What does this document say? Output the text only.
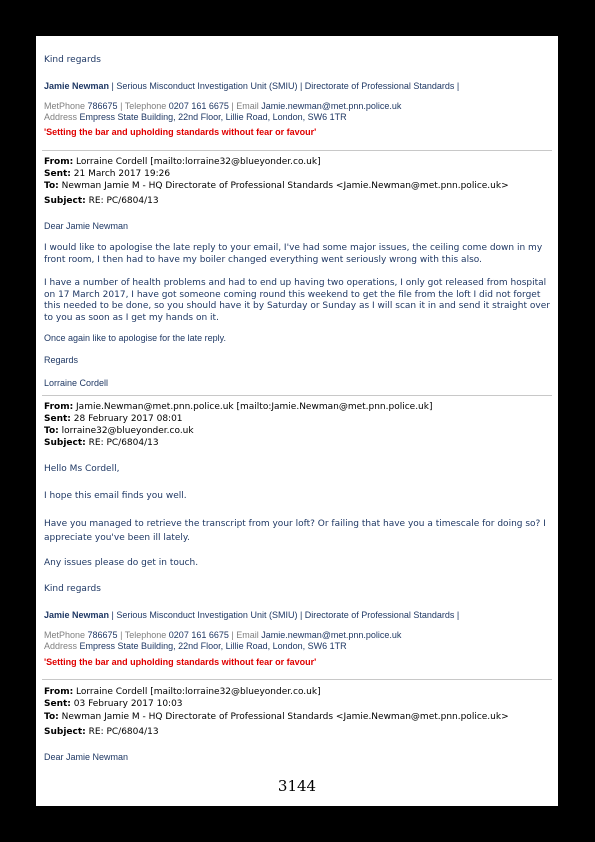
Kind regards
Jamie Newman | Serious Misconduct Investigation Unit (SMIU) | Directorate of Professional Standards |
MetPhone 786675 | Telephone 0207 161 6675 | Email Jamie.newman@met.pnn.police.uk
Address Empress State Building, 22nd Floor, Lillie Road, London, SW6 1TR
'Setting the bar and upholding standards without fear or favour'
From: Lorraine Cordell [mailto:lorraine32@blueyonder.co.uk]
Sent: 21 March 2017 19:26
To: Newman Jamie M - HQ Directorate of Professional Standards <Jamie.Newman@met.pnn.police.uk>
Subject: RE: PC/6804/13
Dear Jamie Newman
I would like to apologise the late reply to your email, I've had some major issues, the ceiling come down in my front room, I then had to have my boiler changed everything went seriously wrong with this also.
I have a number of health problems and had to end up having two operations, I only got released from hospital on 17 March 2017, I have got someone coming round this weekend to get the file from the loft I did not forget this needed to be done, so you should have it by Saturday or Sunday as I will scan it in and send it straight over to you as soon as I get my hands on it.
Once again like to apologise for the late reply.
Regards
Lorraine Cordell
From: Jamie.Newman@met.pnn.police.uk [mailto:Jamie.Newman@met.pnn.police.uk]
Sent: 28 February 2017 08:01
To: lorraine32@blueyonder.co.uk
Subject: RE: PC/6804/13
Hello Ms Cordell,
I hope this email finds you well.
Have you managed to retrieve the transcript from your loft? Or failing that have you a timescale for doing so? I appreciate you've been ill lately.
Any issues please do get in touch.
Kind regards
Jamie Newman | Serious Misconduct Investigation Unit (SMIU) | Directorate of Professional Standards |
MetPhone 786675 | Telephone 0207 161 6675 | Email Jamie.newman@met.pnn.police.uk
Address Empress State Building, 22nd Floor, Lillie Road, London, SW6 1TR
'Setting the bar and upholding standards without fear or favour'
From: Lorraine Cordell [mailto:lorraine32@blueyonder.co.uk]
Sent: 03 February 2017 10:03
To: Newman Jamie M - HQ Directorate of Professional Standards <Jamie.Newman@met.pnn.police.uk>
Subject: RE: PC/6804/13
Dear Jamie Newman
3144
